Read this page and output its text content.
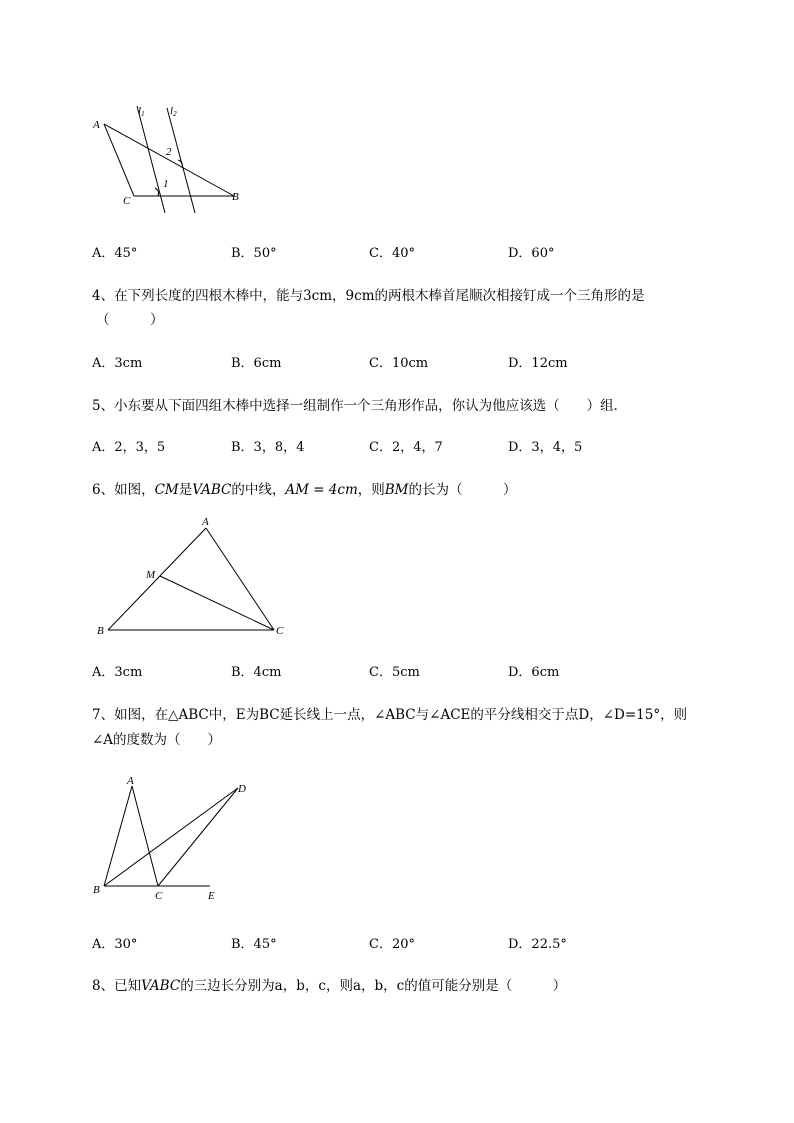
A
B
C
l1 l2
1
2
A．45°	B．50°	C．40°	D．60°
4、在下列长度的四根木棒中，能与3cm，9cm的两根木棒首尾顺次相接钉成一个三角形的是
（　　　）
A．3cm	B．6cm	C．10cm	D．12cm
5、小东要从下面四组木棒中选择一组制作一个三角形作品，你认为他应该选（　　）组．
A．2，3，5	B．3，8，4	C．2，4，7	D．3，4，5
6、如图，CM是VABC的中线，AM = 4cm，则BM的长为（　　　）
A
B	C
M
A．3cm	B．4cm	C．5cm	D．6cm
7、如图，在△ABC中，E为BC延长线上一点，∠ABC与∠ACE的平分线相交于点D，∠D=15°，则
∠A的度数为（　　）
A
B	C
D
E
A．30°	B．45°	C．20°	D．22.5°
8、已知VABC的三边长分别为a，b，c，则a，b，c的值可能分别是（　　　）
